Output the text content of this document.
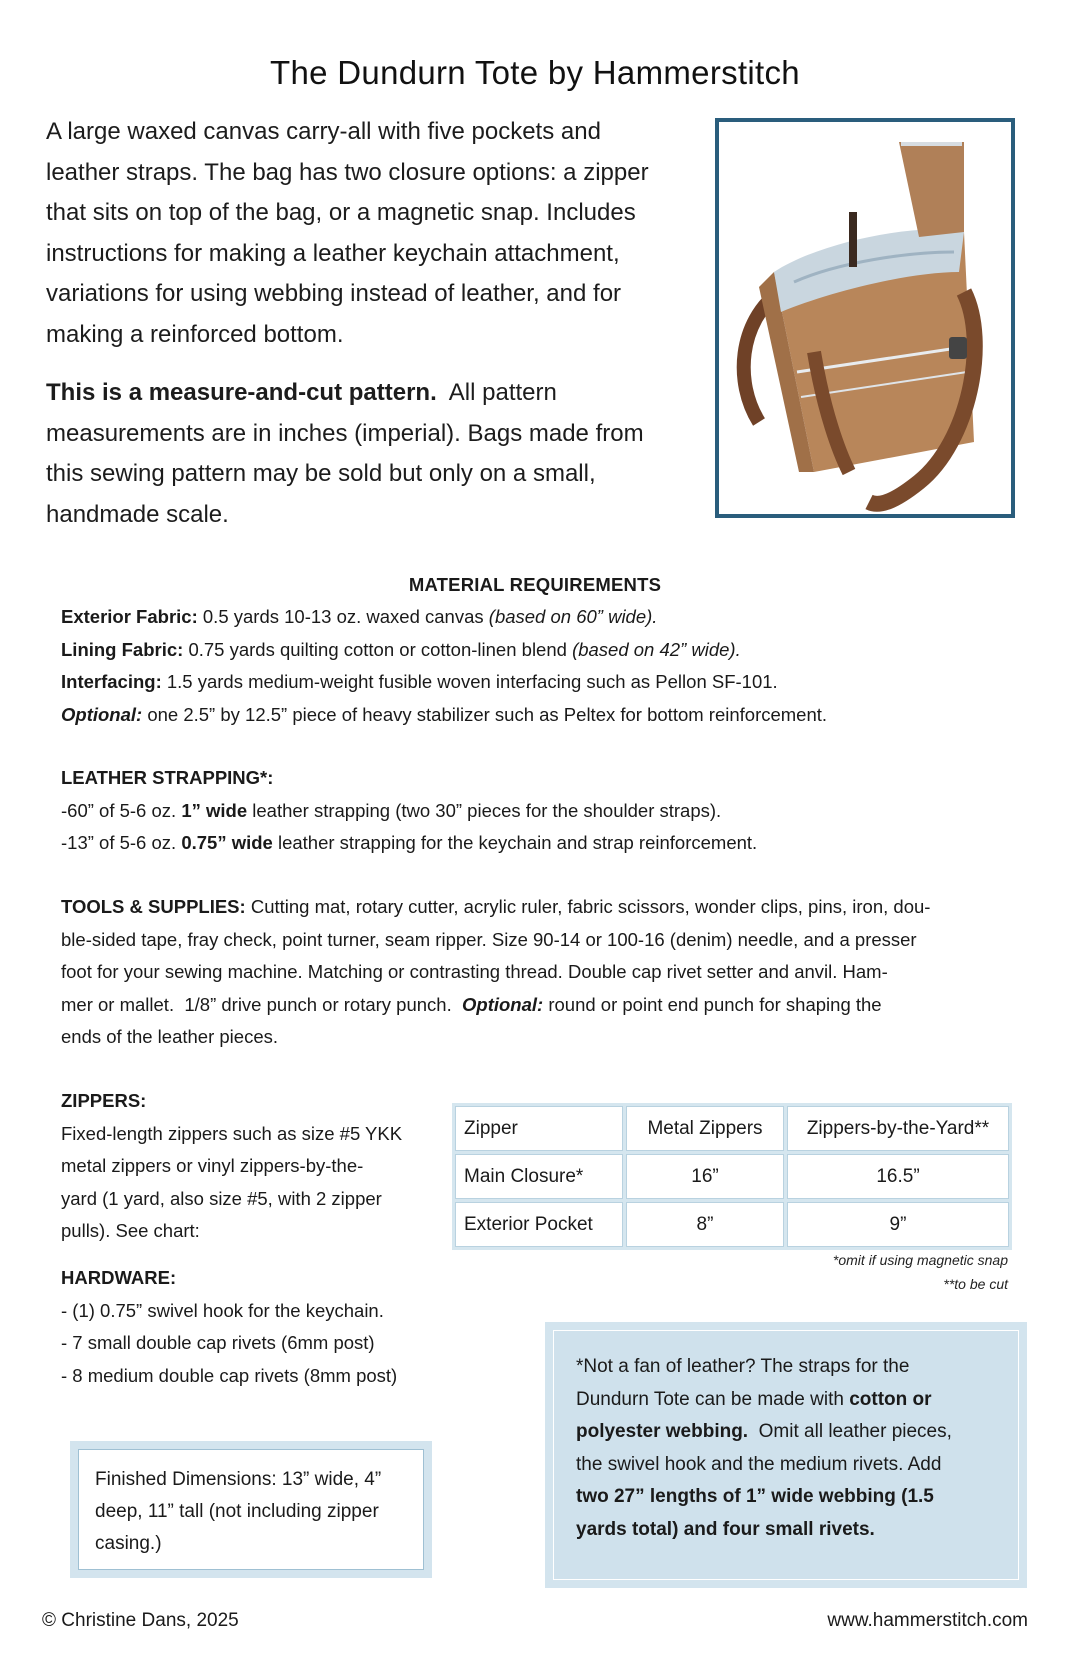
The Dundurn Tote by Hammerstitch

A large waxed canvas carry-all with five pockets and
leather straps. The bag has two closure options: a zipper
that sits on top of the bag, or a magnetic snap. Includes
instructions for making a leather keychain attachment,
variations for using webbing instead of leather, and for
making a reinforced bottom.

This is a measure-and-cut pattern.  All pattern
measurements are in inches (imperial). Bags made from
this sewing pattern may be sold but only on a small,
handmade scale.

MATERIAL REQUIREMENTS
Exterior Fabric: 0.5 yards 10-13 oz. waxed canvas (based on 60” wide).
Lining Fabric: 0.75 yards quilting cotton or cotton-linen blend (based on 42” wide).
Interfacing: 1.5 yards medium-weight fusible woven interfacing such as Pellon SF-101.
Optional: one 2.5” by 12.5” piece of heavy stabilizer such as Peltex for bottom reinforcement.
LEATHER STRAPPING*:
-60” of 5-6 oz. 1” wide leather strapping (two 30” pieces for the shoulder straps).
-13” of 5-6 oz. 0.75” wide leather strapping for the keychain and strap reinforcement.
TOOLS & SUPPLIES: Cutting mat, rotary cutter, acrylic ruler, fabric scissors, wonder clips, pins, iron, dou-
ble-sided tape, fray check, point turner, seam ripper. Size 90-14 or 100-16 (denim) needle, and a presser
foot for your sewing machine. Matching or contrasting thread. Double cap rivet setter and anvil. Ham-
mer or mallet.  1/8” drive punch or rotary punch.  Optional: round or point end punch for shaping the
ends of the leather pieces.
ZIPPERS:
Fixed-length zippers such as size #5 YKK
metal zippers or vinyl zippers-by-the-
yard (1 yard, also size #5, with 2 zipper
pulls). See chart:
Zipper	Metal Zippers	Zippers-by-the-Yard**
Main Closure*	16”	16.5”
Exterior Pocket	8”	9”
*omit if using magnetic snap
**to be cut
HARDWARE:
- (1) 0.75” swivel hook for the keychain.
- 7 small double cap rivets (6mm post)
- 8 medium double cap rivets (8mm post)
Finished Dimensions: 13” wide, 4”
deep, 11” tall (not including zipper
casing.)
*Not a fan of leather? The straps for the
Dundurn Tote can be made with cotton or
polyester webbing.  Omit all leather pieces,
the swivel hook and the medium rivets. Add
two 27” lengths of 1” wide webbing (1.5
yards total) and four small rivets.
© Christine Dans, 2025	www.hammerstitch.com
